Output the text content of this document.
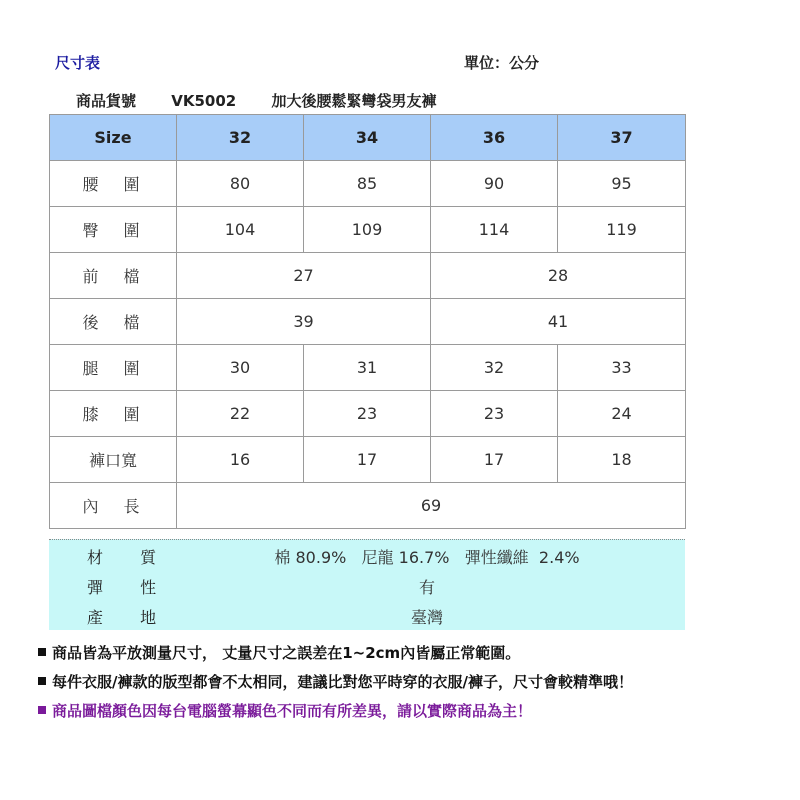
尺寸表	單位：公分
商品貨號 VK5002 加大後腰鬆緊彎袋男友褲
Size	32	34	36	37
腰 圍	80	85	90	95
臀 圍	104	109	114	119
前 檔	27		28	
後 檔	39		41	
腿 圍	30	31	32	33
膝 圍	22	23	23	24
褲口寬	16	17	17	18
內 長	69			
材 質	棉 80.9%   尼龍 16.7%   彈性纖維  2.4%
彈 性	有
產 地	臺灣
商品皆為平放測量尺寸， 丈量尺寸之誤差在1~2cm內皆屬正常範圍。
每件衣服/褲款的版型都會不太相同，建議比對您平時穿的衣服/褲子，尺寸會較精準哦！
商品圖檔顏色因每台電腦螢幕顯色不同而有所差異，請以實際商品為主！
